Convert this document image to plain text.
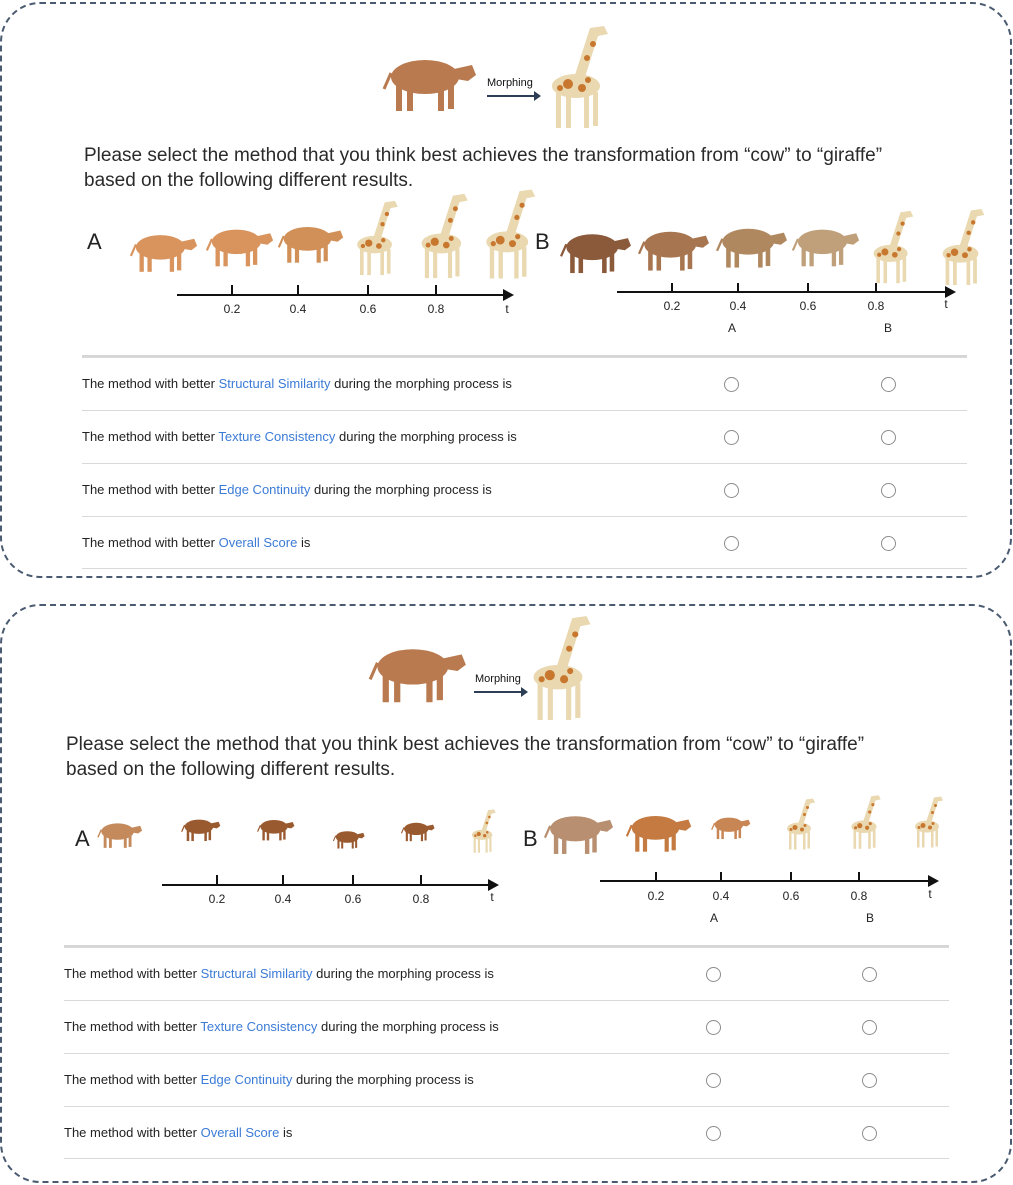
Morphing
Please select the method that you think best achieves the transformation from “cow” to “giraffe”
based on the following different results.
A
0.2	0.4	0.6	0.8	t
B
0.2	0.4	0.6	0.8	t
A	B
The method with better Structural Similarity during the morphing process is
The method with better Texture Consistency during the morphing process is
The method with better Edge Continuity during the morphing process is
The method with better Overall Score is
Morphing
Please select the method that you think best achieves the transformation from “cow” to “giraffe”
based on the following different results.
A
0.2	0.4	0.6	0.8	t
B
0.2	0.4	0.6	0.8	t
A	B
The method with better Structural Similarity during the morphing process is
The method with better Texture Consistency during the morphing process is
The method with better Edge Continuity during the morphing process is
The method with better Overall Score is
